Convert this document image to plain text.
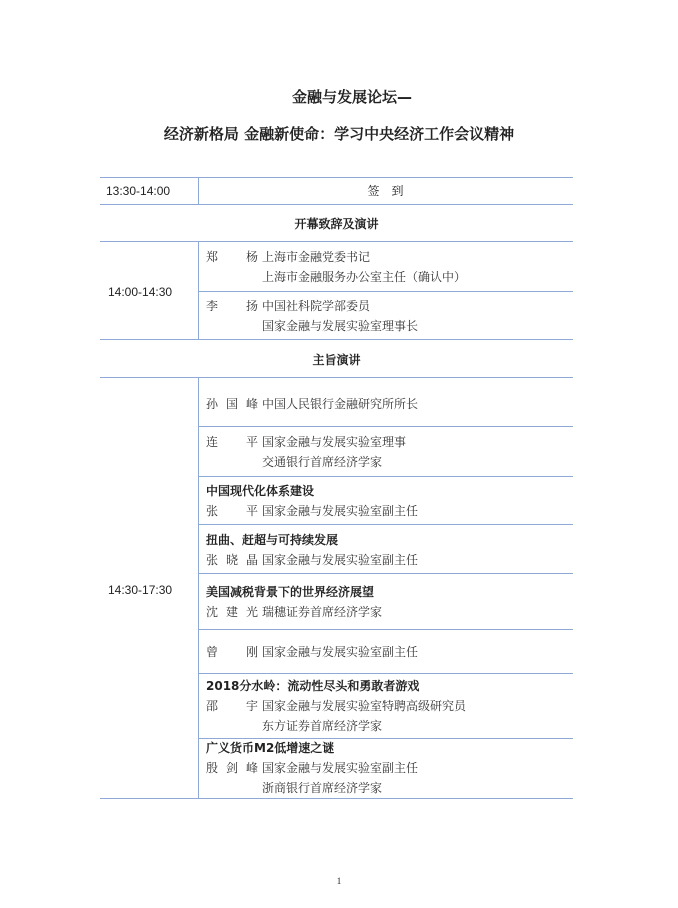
金融与发展论坛—
经济新格局 金融新使命：学习中央经济工作会议精神
13:30-14:00	签　到
开幕致辞及演讲
14:00-14:30
郑　杨 上海市金融党委书记
上海市金融服务办公室主任（确认中）
李　扬 中国社科院学部委员
国家金融与发展实验室理事长
主旨演讲
14:30-17:30
孙国峰 中国人民银行金融研究所所长
连　平 国家金融与发展实验室理事
交通银行首席经济学家
中国现代化体系建设
张　平 国家金融与发展实验室副主任
扭曲、赶超与可持续发展
张晓晶 国家金融与发展实验室副主任
美国减税背景下的世界经济展望
沈建光 瑞穗证券首席经济学家
曾　刚 国家金融与发展实验室副主任
2018分水岭：流动性尽头和勇敢者游戏
邵　宇 国家金融与发展实验室特聘高级研究员
东方证券首席经济学家
广义货币M2低增速之谜
殷剑峰 国家金融与发展实验室副主任
浙商银行首席经济学家
1
